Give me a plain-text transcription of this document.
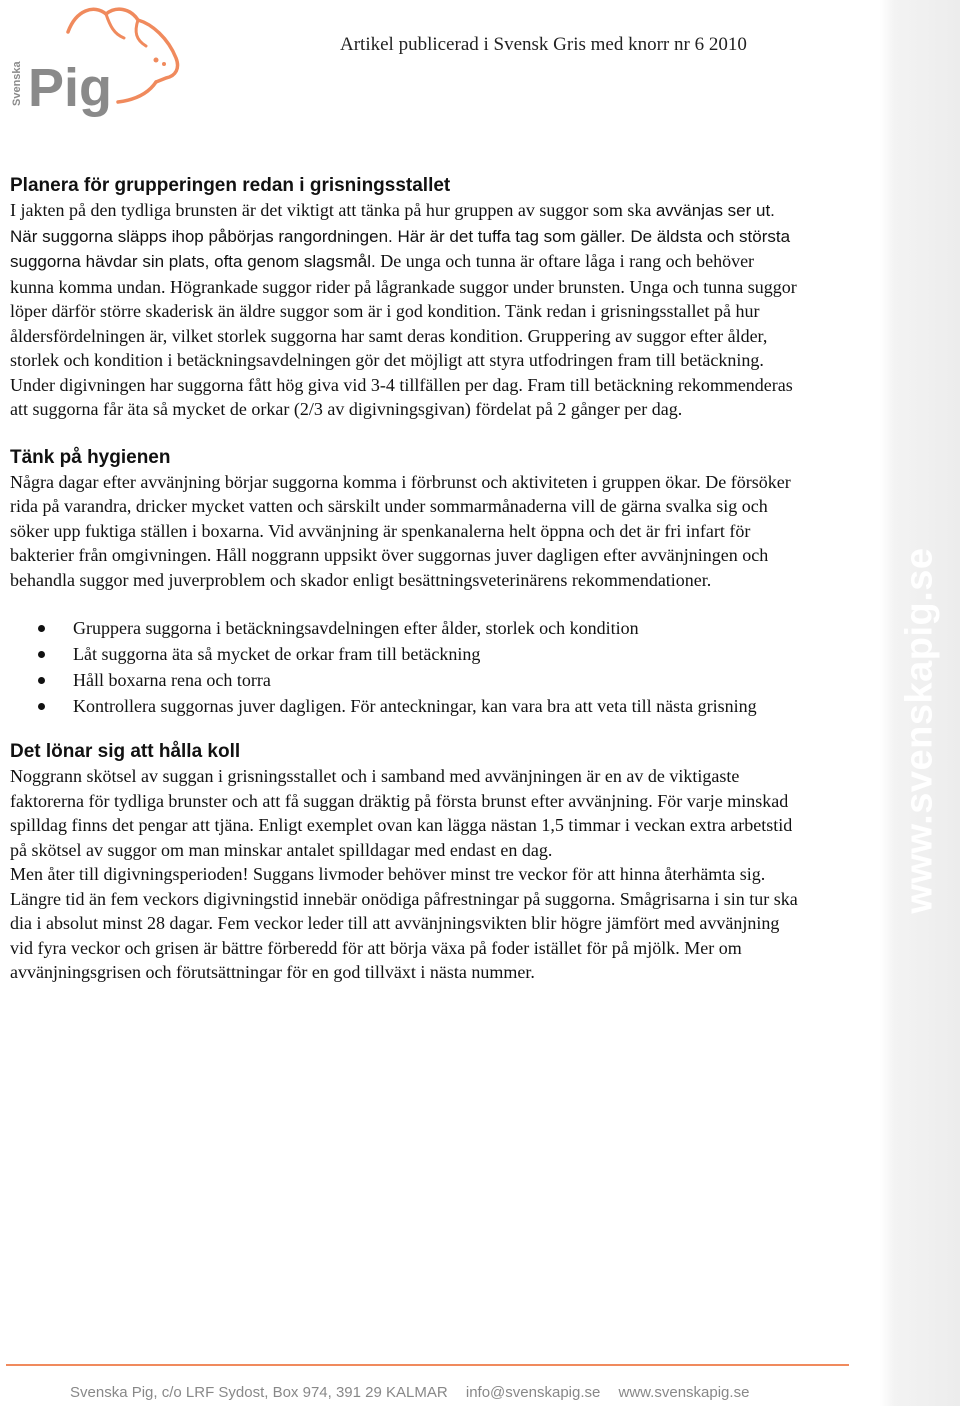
www.svenskapig.se
Pig
Svenska
Artikel publicerad i Svensk Gris med knorr nr 6 2010
Planera för grupperingen redan i grisningsstallet

I jakten på den tydliga brunsten är det viktigt att tänka på hur gruppen av suggor som ska avvänjas ser ut. När suggorna släpps ihop påbörjas rangordningen. Här är det tuffa tag som gäller. De äldsta och största suggorna hävdar sin plats, ofta genom slagsmål. De unga och tunna är oftare låga i rang och behöver kunna komma undan. Högrankade suggor rider på lågrankade suggor under brunsten. Unga och tunna suggor löper därför större skaderisk än äldre suggor som är i god kondition. Tänk redan i grisningsstallet på hur åldersfördelningen är, vilket storlek suggorna har samt deras kondition. Gruppering av suggor efter ålder, storlek och kondition i betäckningsavdelningen gör det möjligt att styra utfodringen fram till betäckning. Under digivningen har suggorna fått hög giva vid 3-4 tillfällen per dag. Fram till betäckning rekommenderas att suggorna får äta så mycket de orkar (2/3 av digivningsgivan) fördelat på 2 gånger per dag.

Tänk på hygienen

Några dagar efter avvänjning börjar suggorna komma i förbrunst och aktiviteten i gruppen ökar. De försöker rida på varandra, dricker mycket vatten och särskilt under sommarmånaderna vill de gärna svalka sig och söker upp fuktiga ställen i boxarna. Vid avvänjning är spenkanalerna helt öppna och det är fri infart för bakterier från omgivningen. Håll noggrann uppsikt över suggornas juver dagligen efter avvänjningen och behandla suggor med juverproblem och skador enligt besättningsveterinärens rekommendationer.

Gruppera suggorna i betäckningsavdelningen efter ålder, storlek och kondition
Låt suggorna äta så mycket de orkar fram till betäckning
Håll boxarna rena och torra
Kontrollera suggornas juver dagligen. För anteckningar, kan vara bra att veta till nästa grisning
Det lönar sig att hålla koll

Noggrann skötsel av suggan i grisningsstallet och i samband med avvänjningen är en av de viktigaste faktorerna för tydliga brunster och att få suggan dräktig på första brunst efter avvänjning. För varje minskad spilldag finns det pengar att tjäna. Enligt exemplet ovan kan lägga nästan 1,5 timmar i veckan extra arbetstid på skötsel av suggor om man minskar antalet spilldagar med endast en dag.

Men åter till digivningsperioden! Suggans livmoder behöver minst tre veckor för att hinna återhämta sig. Längre tid än fem veckors digivningstid innebär onödiga påfrestningar på suggorna. Smågrisarna i sin tur ska dia i absolut minst 28 dagar. Fem veckor leder till att avvänjningsvikten blir högre jämfört med avvänjning vid fyra veckor och grisen är bättre förberedd för att börja växa på foder istället för på mjölk. Mer om avvänjningsgrisen och förutsättningar för en god tillväxt i nästa nummer.

Svenska Pig, c/o LRF Sydost, Box 974, 391 29 KALMAR info@svenskapig.se www.svenskapig.se
